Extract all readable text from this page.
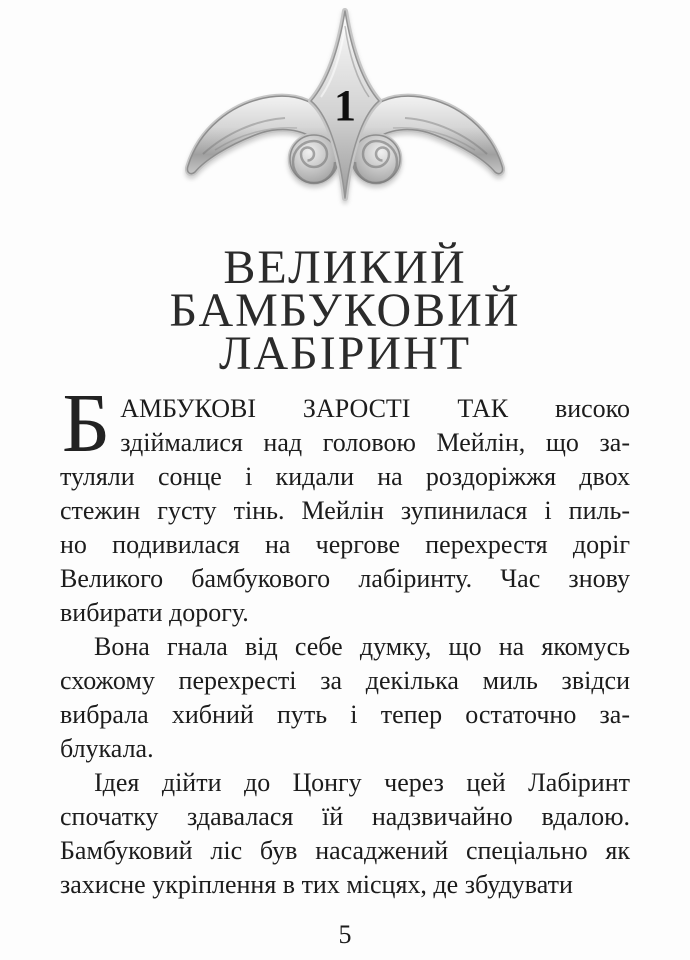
1
ВЕЛИКИЙ
БАМБУКОВИЙ
ЛАБІРИНТ
Б АМБУКОВІ ЗАРОСТІ ТАК високо
здіймалися над головою Мейлін, що за-
туляли сонце і кидали на роздоріжжя двох
стежин густу тінь. Мейлін зупинилася і пиль-
но подивилася на чергове перехрестя доріг
Великого бамбукового лабіринту. Час знову
вибирати дорогу.
Вона гнала від себе думку, що на якомусь
схожому перехресті за декілька миль звідси
вибрала хибний путь і тепер остаточно за-
блукала.
Ідея дійти до Цонгу через цей Лабіринт
спочатку здавалася їй надзвичайно вдалою.
Бамбуковий ліс був насаджений спеціально як
захисне укріплення в тих місцях, де збудувати
5
